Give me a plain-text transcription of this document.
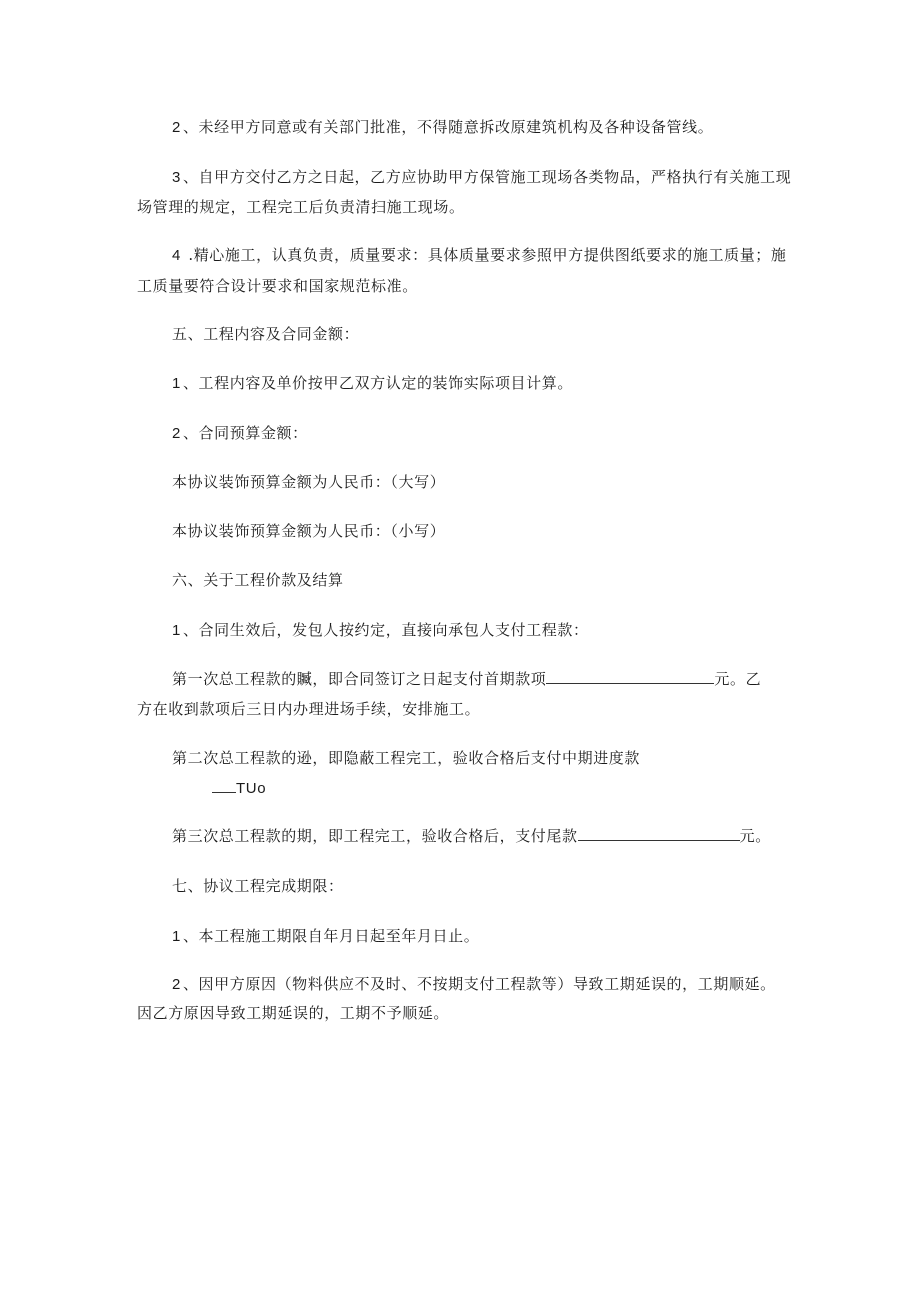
2 、未经甲方同意或有关部门批准，不得随意拆改原建筑机构及各种设备管线。
3 、自甲方交付乙方之日起，乙方应协助甲方保管施工现场各类物品，严格执行有关施工现
场管理的规定，工程完工后负责清扫施工现场。
4 .精心施工，认真负责，质量要求：具体质量要求参照甲方提供图纸要求的施工质量；施
工质量要符合设计要求和国家规范标准。
五、工程内容及合同金额：
1 、工程内容及单价按甲乙双方认定的装饰实际项目计算。
2 、合同预算金额：
本协议装饰预算金额为人民币：（大写）
本协议装饰预算金额为人民币：（小写）
六、关于工程价款及结算
1 、合同生效后，发包人按约定，直接向承包人支付工程款：
第一次总工程款的贓，即合同签订之日起支付首期款项	元。乙
方在收到款项后三日内办理进场手续，安排施工。
第二次总工程款的逊，即隐蔽工程完工，验收合格后支付中期进度款
TUo
第三次总工程款的期，即工程完工，验收合格后，支付尾款	元。
七、协议工程完成期限：
1 、本工程施工期限自年月日起至年月日止。
2 、因甲方原因（物料供应不及时、不按期支付工程款等）导致工期延误的，工期顺延。
因乙方原因导致工期延误的，工期不予顺延。
